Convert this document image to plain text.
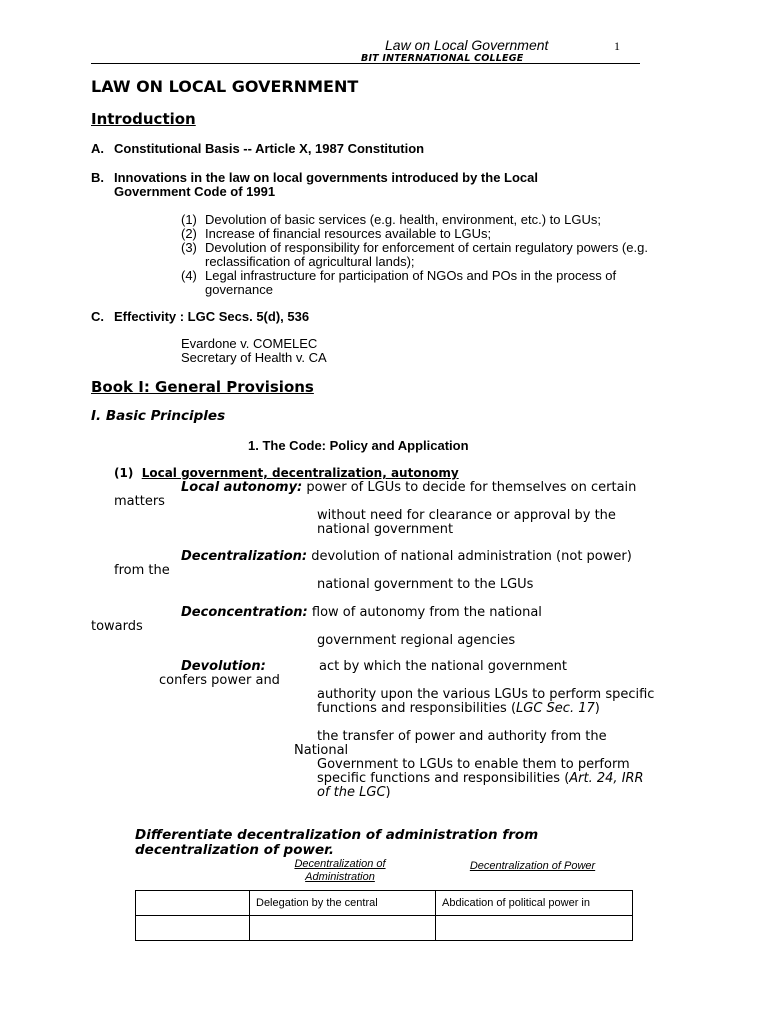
Law on Local Government	1
BIT INTERNATIONAL COLLEGE
LAW ON LOCAL GOVERNMENT
Introduction
A. Constitutional Basis -- Article X, 1987 Constitution
B. Innovations in the law on local governments introduced by the Local
Government Code of 1991
(1) Devolution of basic services (e.g. health, environment, etc.) to LGUs;
(2) Increase of financial resources available to LGUs;
(3) Devolution of responsibility for enforcement of certain regulatory powers (e.g. reclassification of agricultural lands);
(4) Legal infrastructure for participation of NGOs and POs in the process of governance
C. Effectivity : LGC Secs. 5(d), 536
Evardone v. COMELEC
Secretary of Health v. CA
Book I: General Provisions
I. Basic Principles
1. The Code: Policy and Application
(1) Local government, decentralization, autonomy
Local autonomy: power of LGUs to decide for themselves on certain
matters
without need for clearance or approval by the
national government
Decentralization: devolution of national administration (not power)
from the
national government to the LGUs
Deconcentration: flow of autonomy from the national
towards
government regional agencies
Devolution:	act by which the national government
confers power and
authority upon the various LGUs to perform specific
functions and responsibilities (LGC Sec. 17)
the transfer of power and authority from the
National
Government to LGUs to enable them to perform
specific functions and responsibilities (Art. 24, IRR
of the LGC)
Differentiate decentralization of administration from
decentralization of power.
Decentralization of
Administration
Decentralization of Power
	Delegation by the central	Abdication of political power in
